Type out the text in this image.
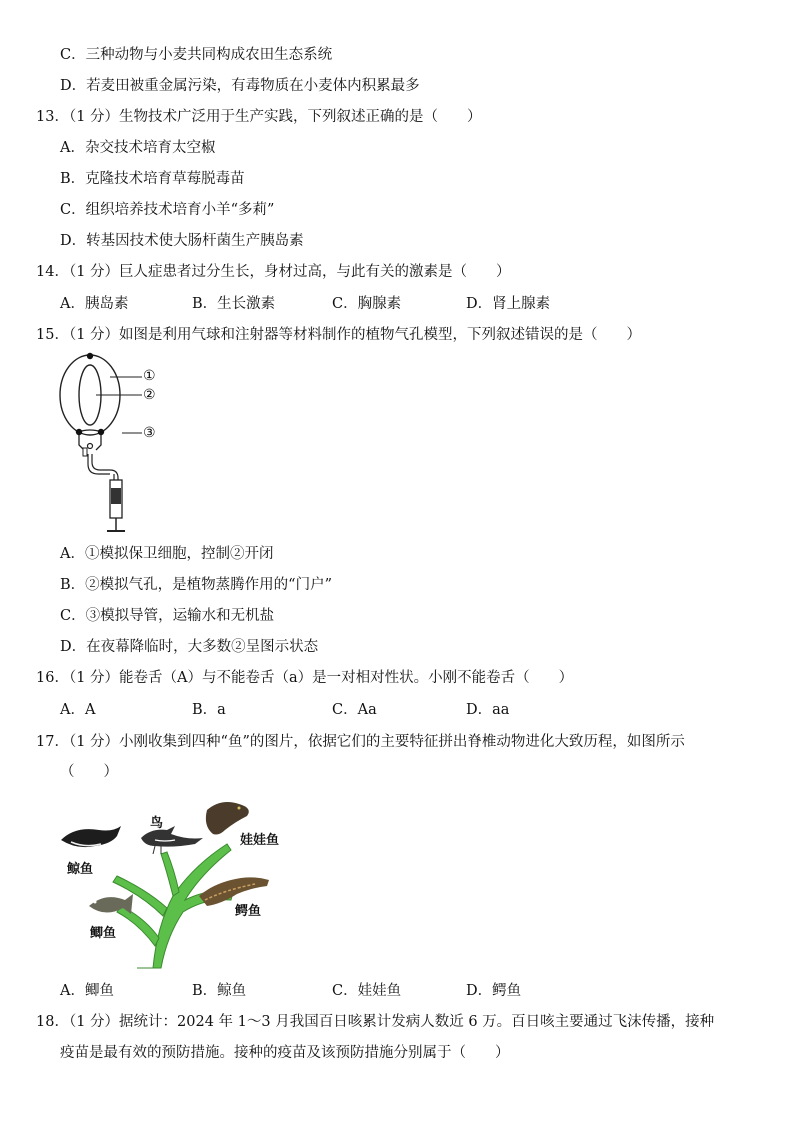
C．三种动物与小麦共同构成农田生态系统
D．若麦田被重金属污染，有毒物质在小麦体内积累最多
13．（1 分）生物技术广泛用于生产实践，下列叙述正确的是（　　）
A．杂交技术培育太空椒
B．克隆技术培育草莓脱毒苗
C．组织培养技术培育小羊“多莉”
D．转基因技术使大肠杆菌生产胰岛素
14．（1 分）巨人症患者过分生长，身材过高，与此有关的激素是（　　）
A．胰岛素	B．生长激素	C．胸腺素	D．肾上腺素
15．（1 分）如图是利用气球和注射器等材料制作的植物气孔模型，下列叙述错误的是（　　）
①
②
③
A．①模拟保卫细胞，控制②开闭
B．②模拟气孔，是植物蒸腾作用的“门户”
C．③模拟导管，运输水和无机盐
D．在夜幕降临时，大多数②呈图示状态
16．（1 分）能卷舌（A）与不能卷舌（a）是一对相对性状。小刚不能卷舌（　　）
A．A	B．a	C．Aa	D．aa
17．（1 分）小刚收集到四种“鱼”的图片，依据它们的主要特征拼出脊椎动物进化大致历程，如图所示
（　　）
鸟
娃娃鱼
鲸鱼
鳄鱼
鲫鱼
A．鲫鱼	B．鲸鱼	C．娃娃鱼	D．鳄鱼
18．（1 分）据统计：2024 年 1～3 月我国百日咳累计发病人数近 6 万。百日咳主要通过飞沫传播，接种
疫苗是最有效的预防措施。接种的疫苗及该预防措施分别属于（　　）
